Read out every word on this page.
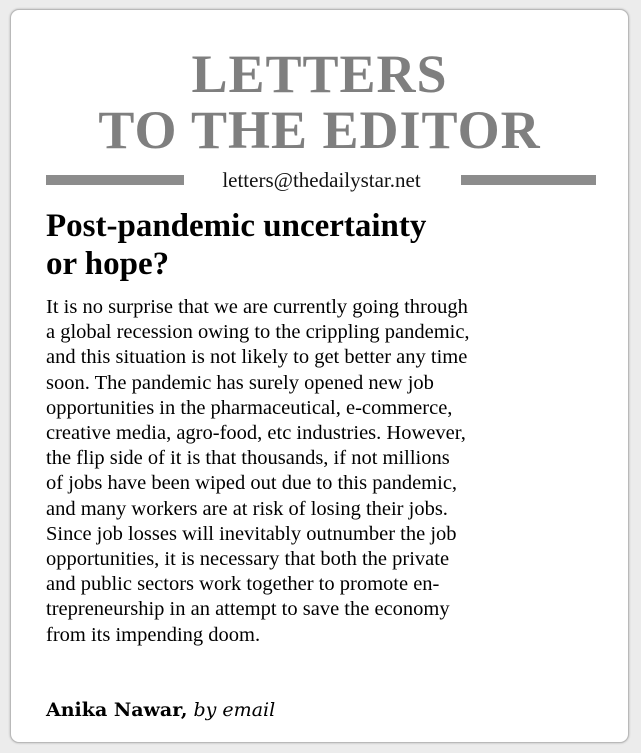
LETTERS
TO THE EDITOR
letters@thedailystar.net
Post-pandemic uncertainty
or hope?
It is no surprise that we are currently going through
a global recession owing to the crippling pandemic,
and this situation is not likely to get better any time
soon. The pandemic has surely opened new job
opportunities in the pharmaceutical, e-commerce,
creative media, agro-food, etc industries. However,
the flip side of it is that thousands, if not millions
of jobs have been wiped out due to this pandemic,
and many workers are at risk of losing their jobs.
Since job losses will inevitably outnumber the job
opportunities, it is necessary that both the private
and public sectors work together to promote en-
trepreneurship in an attempt to save the economy
from its impending doom.
Anika Nawar, by email
